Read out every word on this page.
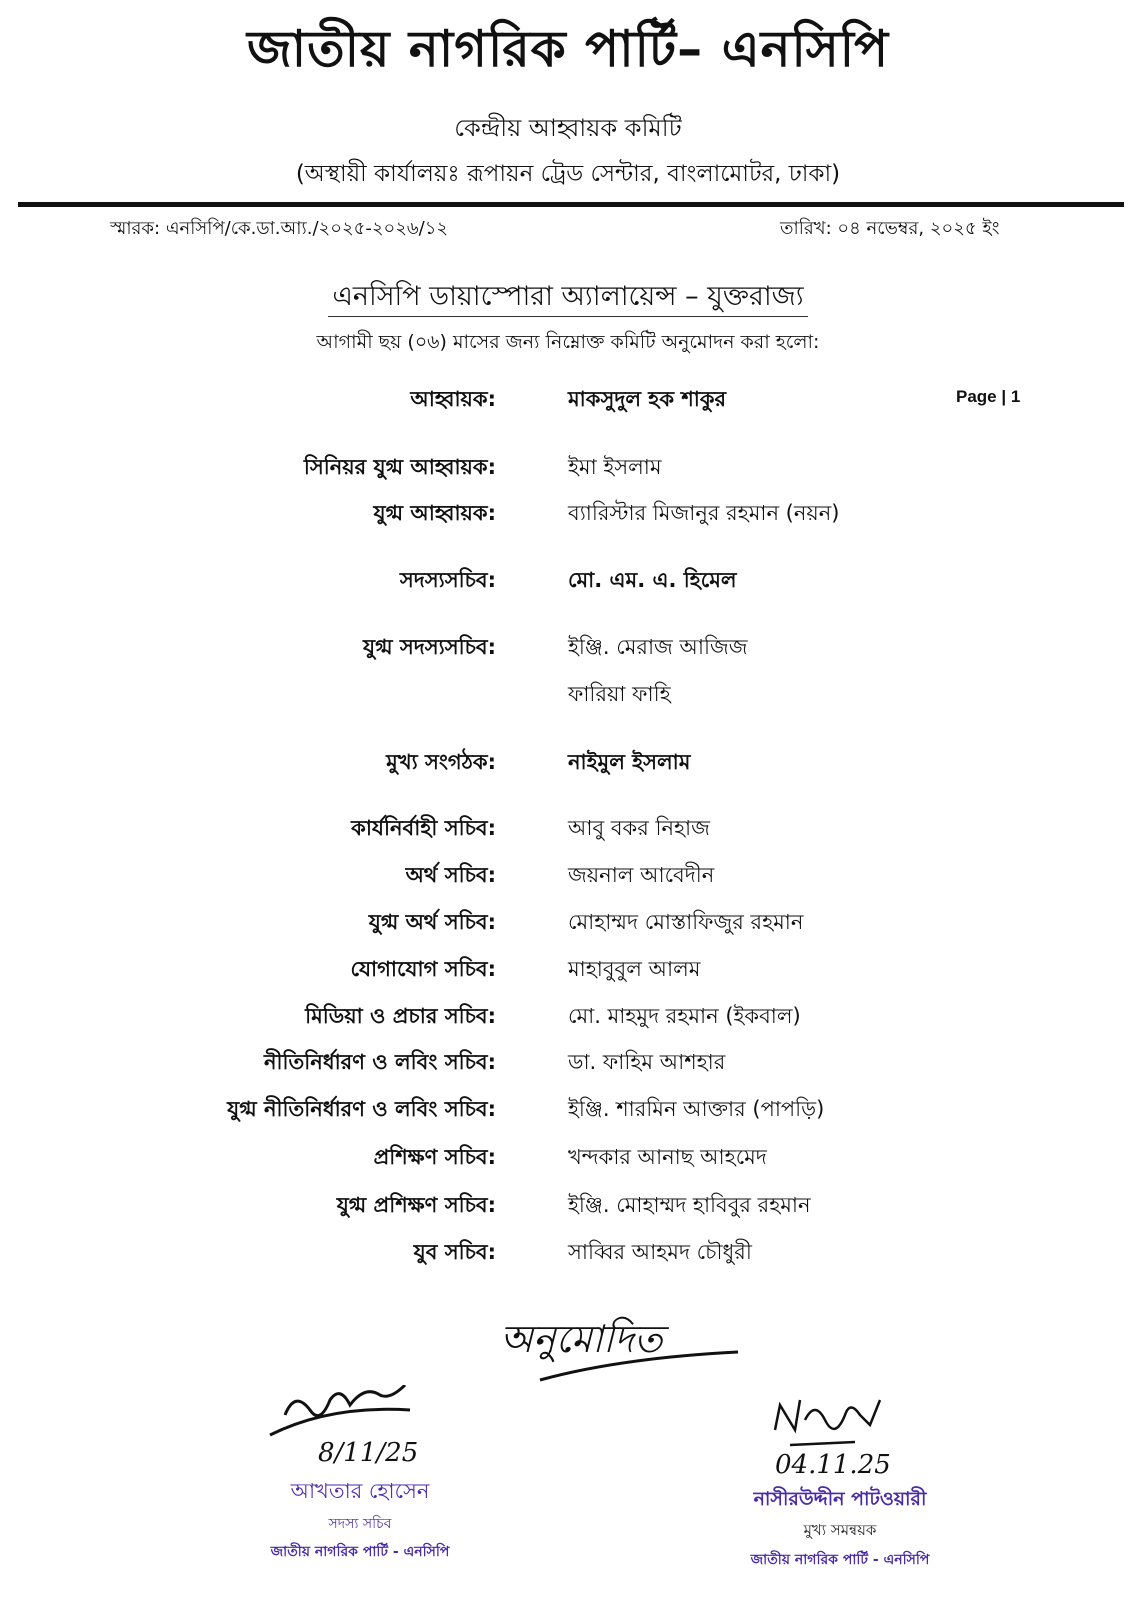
জাতীয় নাগরিক পার্টি– এনসিপি
কেন্দ্রীয় আহ্বায়ক কমিটি
(অস্থায়ী কার্যালয়ঃ রূপায়ন ট্রেড সেন্টার, বাংলামোটর, ঢাকা)
স্মারক: এনসিপি/কে.ডা.আ্য./২০২৫-২০২৬/১২	তারিখ: ০৪ নভেম্বর, ২০২৫ ইং
এনসিপি ডায়াস্পোরা অ্যালায়েন্স – যুক্তরাজ্য
আগামী ছয় (০৬) মাসের জন্য নিম্নোক্ত কমিটি অনুমোদন করা হলো:
Page | 1
আহ্বায়ক:	মাকসুদুল হক শাকুর
সিনিয়র যুগ্ম আহ্বায়ক:	ইমা ইসলাম
যুগ্ম আহ্বায়ক:	ব্যারিস্টার মিজানুর রহমান (নয়ন)
সদস্যসচিব:	মো. এম. এ. হিমেল
যুগ্ম সদস্যসচিব:	ইঞ্জি. মেরাজ আজিজ
ফারিয়া ফাহি
মুখ্য সংগঠক:	নাইমুল ইসলাম
কার্যনির্বাহী সচিব:	আবু বকর নিহাজ
অর্থ সচিব:	জয়নাল আবেদীন
যুগ্ম অর্থ সচিব:	মোহাম্মদ মোস্তাফিজুর রহমান
যোগাযোগ সচিব:	মাহাবুবুল আলম
মিডিয়া ও প্রচার সচিব:	মো. মাহমুদ রহমান (ইকবাল)
নীতিনির্ধারণ ও লবিং সচিব:	ডা. ফাহিম আশহার
যুগ্ম নীতিনির্ধারণ ও লবিং সচিব:	ইঞ্জি. শারমিন আক্তার (পাপড়ি)
প্রশিক্ষণ সচিব:	খন্দকার আনাছ আহমেদ
যুগ্ম প্রশিক্ষণ সচিব:	ইঞ্জি. মোহাম্মদ হাবিবুর রহমান
যুব সচিব:	সাব্বির আহমদ চৌধুরী
অনুমোদিত
8/11/25
আখতার হোসেন
সদস্য সচিব
জাতীয় নাগরিক পার্টি - এনসিপি
04.11.25
নাসীরউদ্দীন পাটওয়ারী
মুখ্য সমন্বয়ক
জাতীয় নাগরিক পার্টি - এনসিপি
